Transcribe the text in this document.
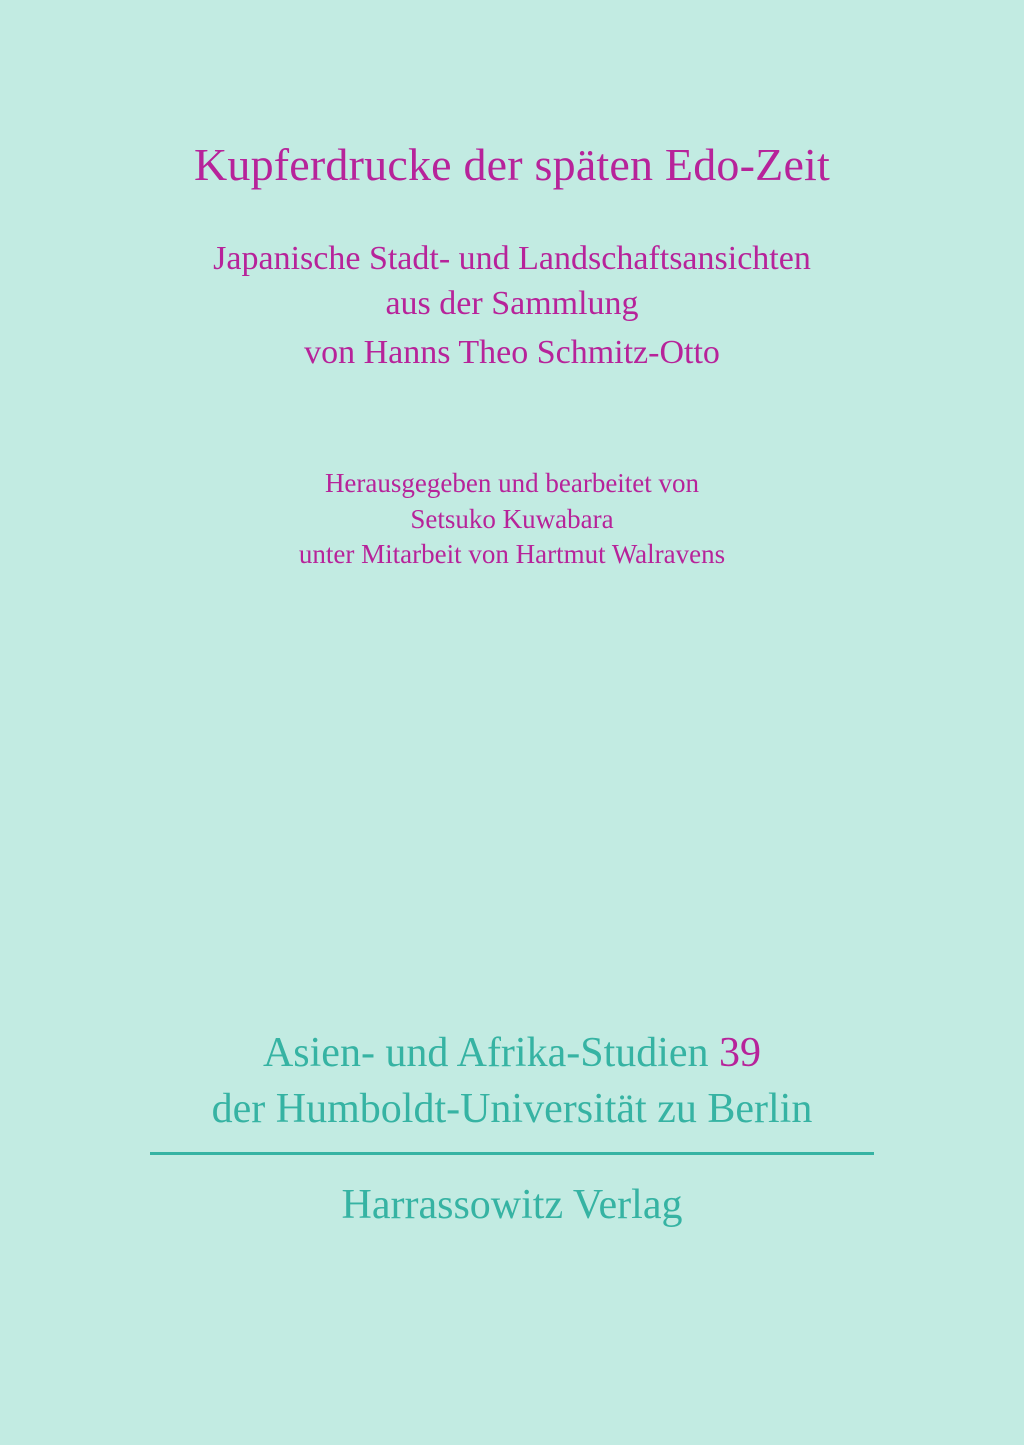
Kupferdrucke der späten Edo-Zeit
Japanische Stadt- und Landschaftsansichten
aus der Sammlung
von Hanns Theo Schmitz-Otto
Herausgegeben und bearbeitet von
Setsuko Kuwabara
unter Mitarbeit von Hartmut Walravens
Asien- und Afrika-Studien 39
der Humboldt-Universität zu Berlin
Harrassowitz Verlag
